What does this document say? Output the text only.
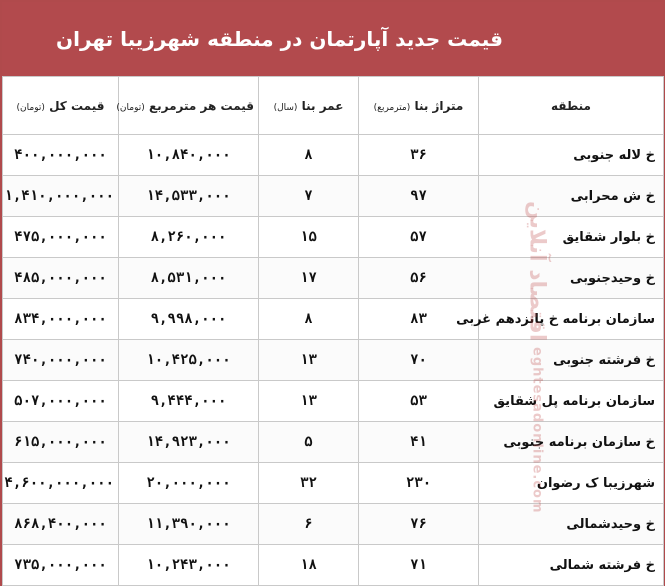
قیمت جدید آپارتمان در منطقه شهرزیبا تهران
منطقه	متراژ بنا (مترمربع)	عمر بنا (سال)	قیمت هر مترمربع (تومان)	قیمت کل (تومان)
خ لاله جنوبی	۳۶	۸	۱۰,۸۴۰,۰۰۰	۴۰۰,۰۰۰,۰۰۰
خ ش محرابی	۹۷	۷	۱۴,۵۳۳,۰۰۰	۱,۴۱۰,۰۰۰,۰۰۰
خ بلوار شقایق	۵۷	۱۵	۸,۲۶۰,۰۰۰	۴۷۵,۰۰۰,۰۰۰
خ وحیدجنوبی	۵۶	۱۷	۸,۵۳۱,۰۰۰	۴۸۵,۰۰۰,۰۰۰
سازمان برنامه خ پانزدهم غربی	۸۳	۸	۹,۹۹۸,۰۰۰	۸۳۴,۰۰۰,۰۰۰
خ فرشته جنوبی	۷۰	۱۳	۱۰,۴۲۵,۰۰۰	۷۴۰,۰۰۰,۰۰۰
سازمان برنامه پل شقایق	۵۳	۱۳	۹,۴۴۴,۰۰۰	۵۰۷,۰۰۰,۰۰۰
خ سازمان برنامه جنوبی	۴۱	۵	۱۴,۹۲۳,۰۰۰	۶۱۵,۰۰۰,۰۰۰
شهرزیبا ک رضوان	۲۳۰	۳۲	۲۰,۰۰۰,۰۰۰	۴,۶۰۰,۰۰۰,۰۰۰
خ وحیدشمالی	۷۶	۶	۱۱,۳۹۰,۰۰۰	۸۶۸,۴۰۰,۰۰۰
خ فرشته شمالی	۷۱	۱۸	۱۰,۲۴۳,۰۰۰	۷۳۵,۰۰۰,۰۰۰
اقتصاد آنلاین
eghtesadonline.com
